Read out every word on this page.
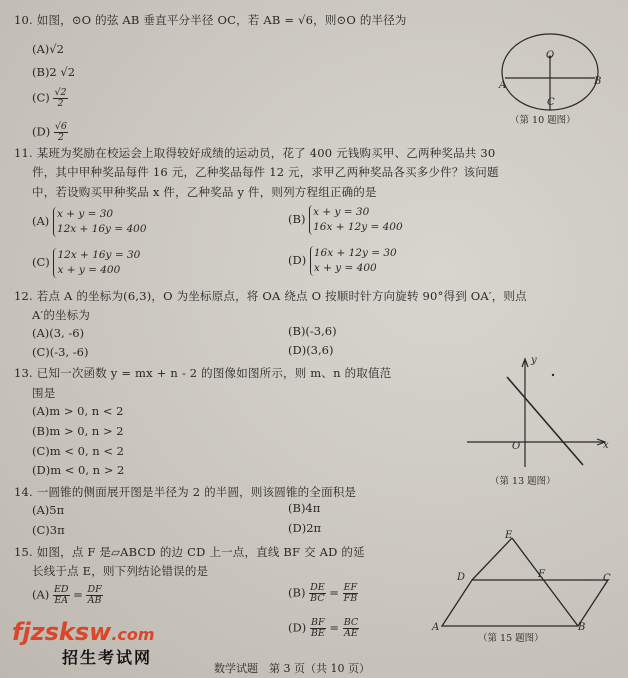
10. 如图，⊙O 的弦 AB 垂直平分半径 OC，若 AB = √6，则⊙O 的半径为
(A)√2
(B)2 √2
$(C) \frac{√2}{2}$
$(D) \frac{√6}{2}$
O
A	B
C
（第 10 题图）
11. 某班为奖励在校运会上取得较好成绩的运动员，花了 400 元钱购买甲、乙两种奖品共 30
件，其中甲种奖品每件 16 元，乙种奖品每件 12 元，求甲乙两种奖品各买多少件？该问题
中，若设购买甲种奖品 x 件，乙种奖品 y 件，则列方程组正确的是
(A) x + y = 30
12x + 16y = 400
(B) x + y = 30
16x + 12y = 400
(C) 12x + 16y = 30
x + y = 400
(D) 16x + 12y = 30
x + y = 400
12. 若点 A 的坐标为(6,3)，O 为坐标原点，将 OA 绕点 O 按顺时针方向旋转 90°得到 OA′，则点
A′的坐标为
(A)(3, -6)	(B)(-3,6)
(C)(-3, -6)	(D)(3,6)
13. 已知一次函数 y = mx + n - 2 的图像如图所示，则 m、n 的取值范
围是
(A)m > 0, n < 2
(B)m > 0, n > 2
(C)m < 0, n < 2
(D)m < 0, n > 2
y
x
O
（第 13 题图）
14. 一圆锥的侧面展开图是半径为 2 的半圆，则该圆锥的全面积是
(A)5π	(B)4π
(C)3π	(D)2π
15. 如图，点 F 是▱ABCD 的边 CD 上一点，直线 BF 交 AD 的延
长线于点 E，则下列结论错误的是
$(A) \frac{ED}{EA} = \frac{DF}{AB}$	$(B) \frac{DE}{BC} = \frac{EF}{FB}$
$(D) \frac{BF}{BE} = \frac{BC}{AE}$
E
D	F	C
A	B
（第 15 题图）
数学试题　第 3 页（共 10 页）
fjzsksw.com
招生考试网
